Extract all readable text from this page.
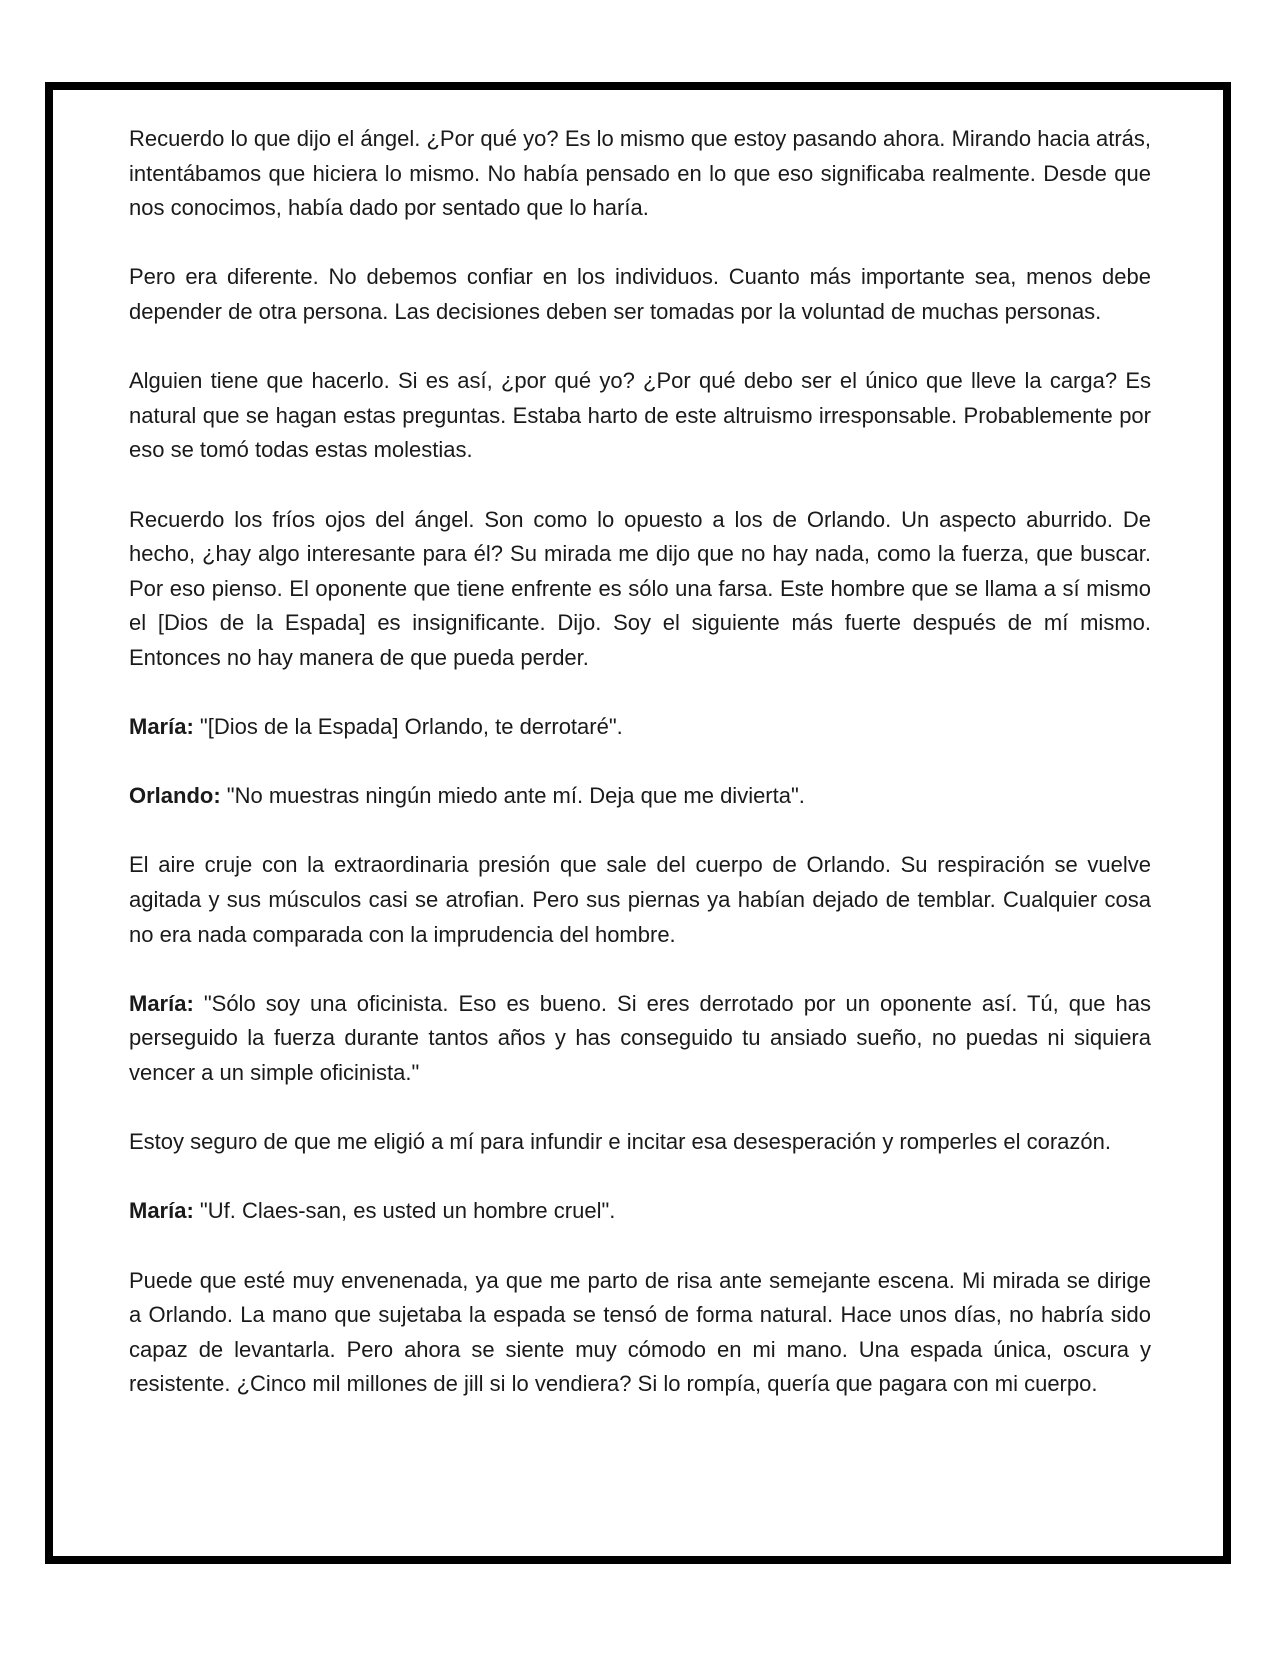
Recuerdo lo que dijo el ángel. ¿Por qué yo? Es lo mismo que estoy pasando ahora. Mirando hacia atrás, intentábamos que hiciera lo mismo. No había pensado en lo que eso significaba realmente. Desde que nos conocimos, había dado por sentado que lo haría.

Pero era diferente. No debemos confiar en los individuos. Cuanto más importante sea, menos debe depender de otra persona. Las decisiones deben ser tomadas por la voluntad de muchas personas.

Alguien tiene que hacerlo. Si es así, ¿por qué yo? ¿Por qué debo ser el único que lleve la carga? Es natural que se hagan estas preguntas. Estaba harto de este altruismo irresponsable. Probablemente por eso se tomó todas estas molestias.

Recuerdo los fríos ojos del ángel. Son como lo opuesto a los de Orlando. Un aspecto aburrido. De hecho, ¿hay algo interesante para él? Su mirada me dijo que no hay nada, como la fuerza, que buscar. Por eso pienso. El oponente que tiene enfrente es sólo una farsa. Este hombre que se llama a sí mismo el [Dios de la Espada] es insignificante. Dijo. Soy el siguiente más fuerte después de mí mismo. Entonces no hay manera de que pueda perder.

María: "[Dios de la Espada] Orlando, te derrotaré".

Orlando: "No muestras ningún miedo ante mí. Deja que me divierta".

El aire cruje con la extraordinaria presión que sale del cuerpo de Orlando. Su respiración se vuelve agitada y sus músculos casi se atrofian. Pero sus piernas ya habían dejado de temblar. Cualquier cosa no era nada comparada con la imprudencia del hombre.

María: "Sólo soy una oficinista. Eso es bueno. Si eres derrotado por un oponente así. Tú, que has perseguido la fuerza durante tantos años y has conseguido tu ansiado sueño, no puedas ni siquiera vencer a un simple oficinista."

Estoy seguro de que me eligió a mí para infundir e incitar esa desesperación y romperles el corazón.

María: "Uf. Claes-san, es usted un hombre cruel".

Puede que esté muy envenenada, ya que me parto de risa ante semejante escena. Mi mirada se dirige a Orlando. La mano que sujetaba la espada se tensó de forma natural. Hace unos días, no habría sido capaz de levantarla. Pero ahora se siente muy cómodo en mi mano. Una espada única, oscura y resistente. ¿Cinco mil millones de jill si lo vendiera? Si lo rompía, quería que pagara con mi cuerpo.
